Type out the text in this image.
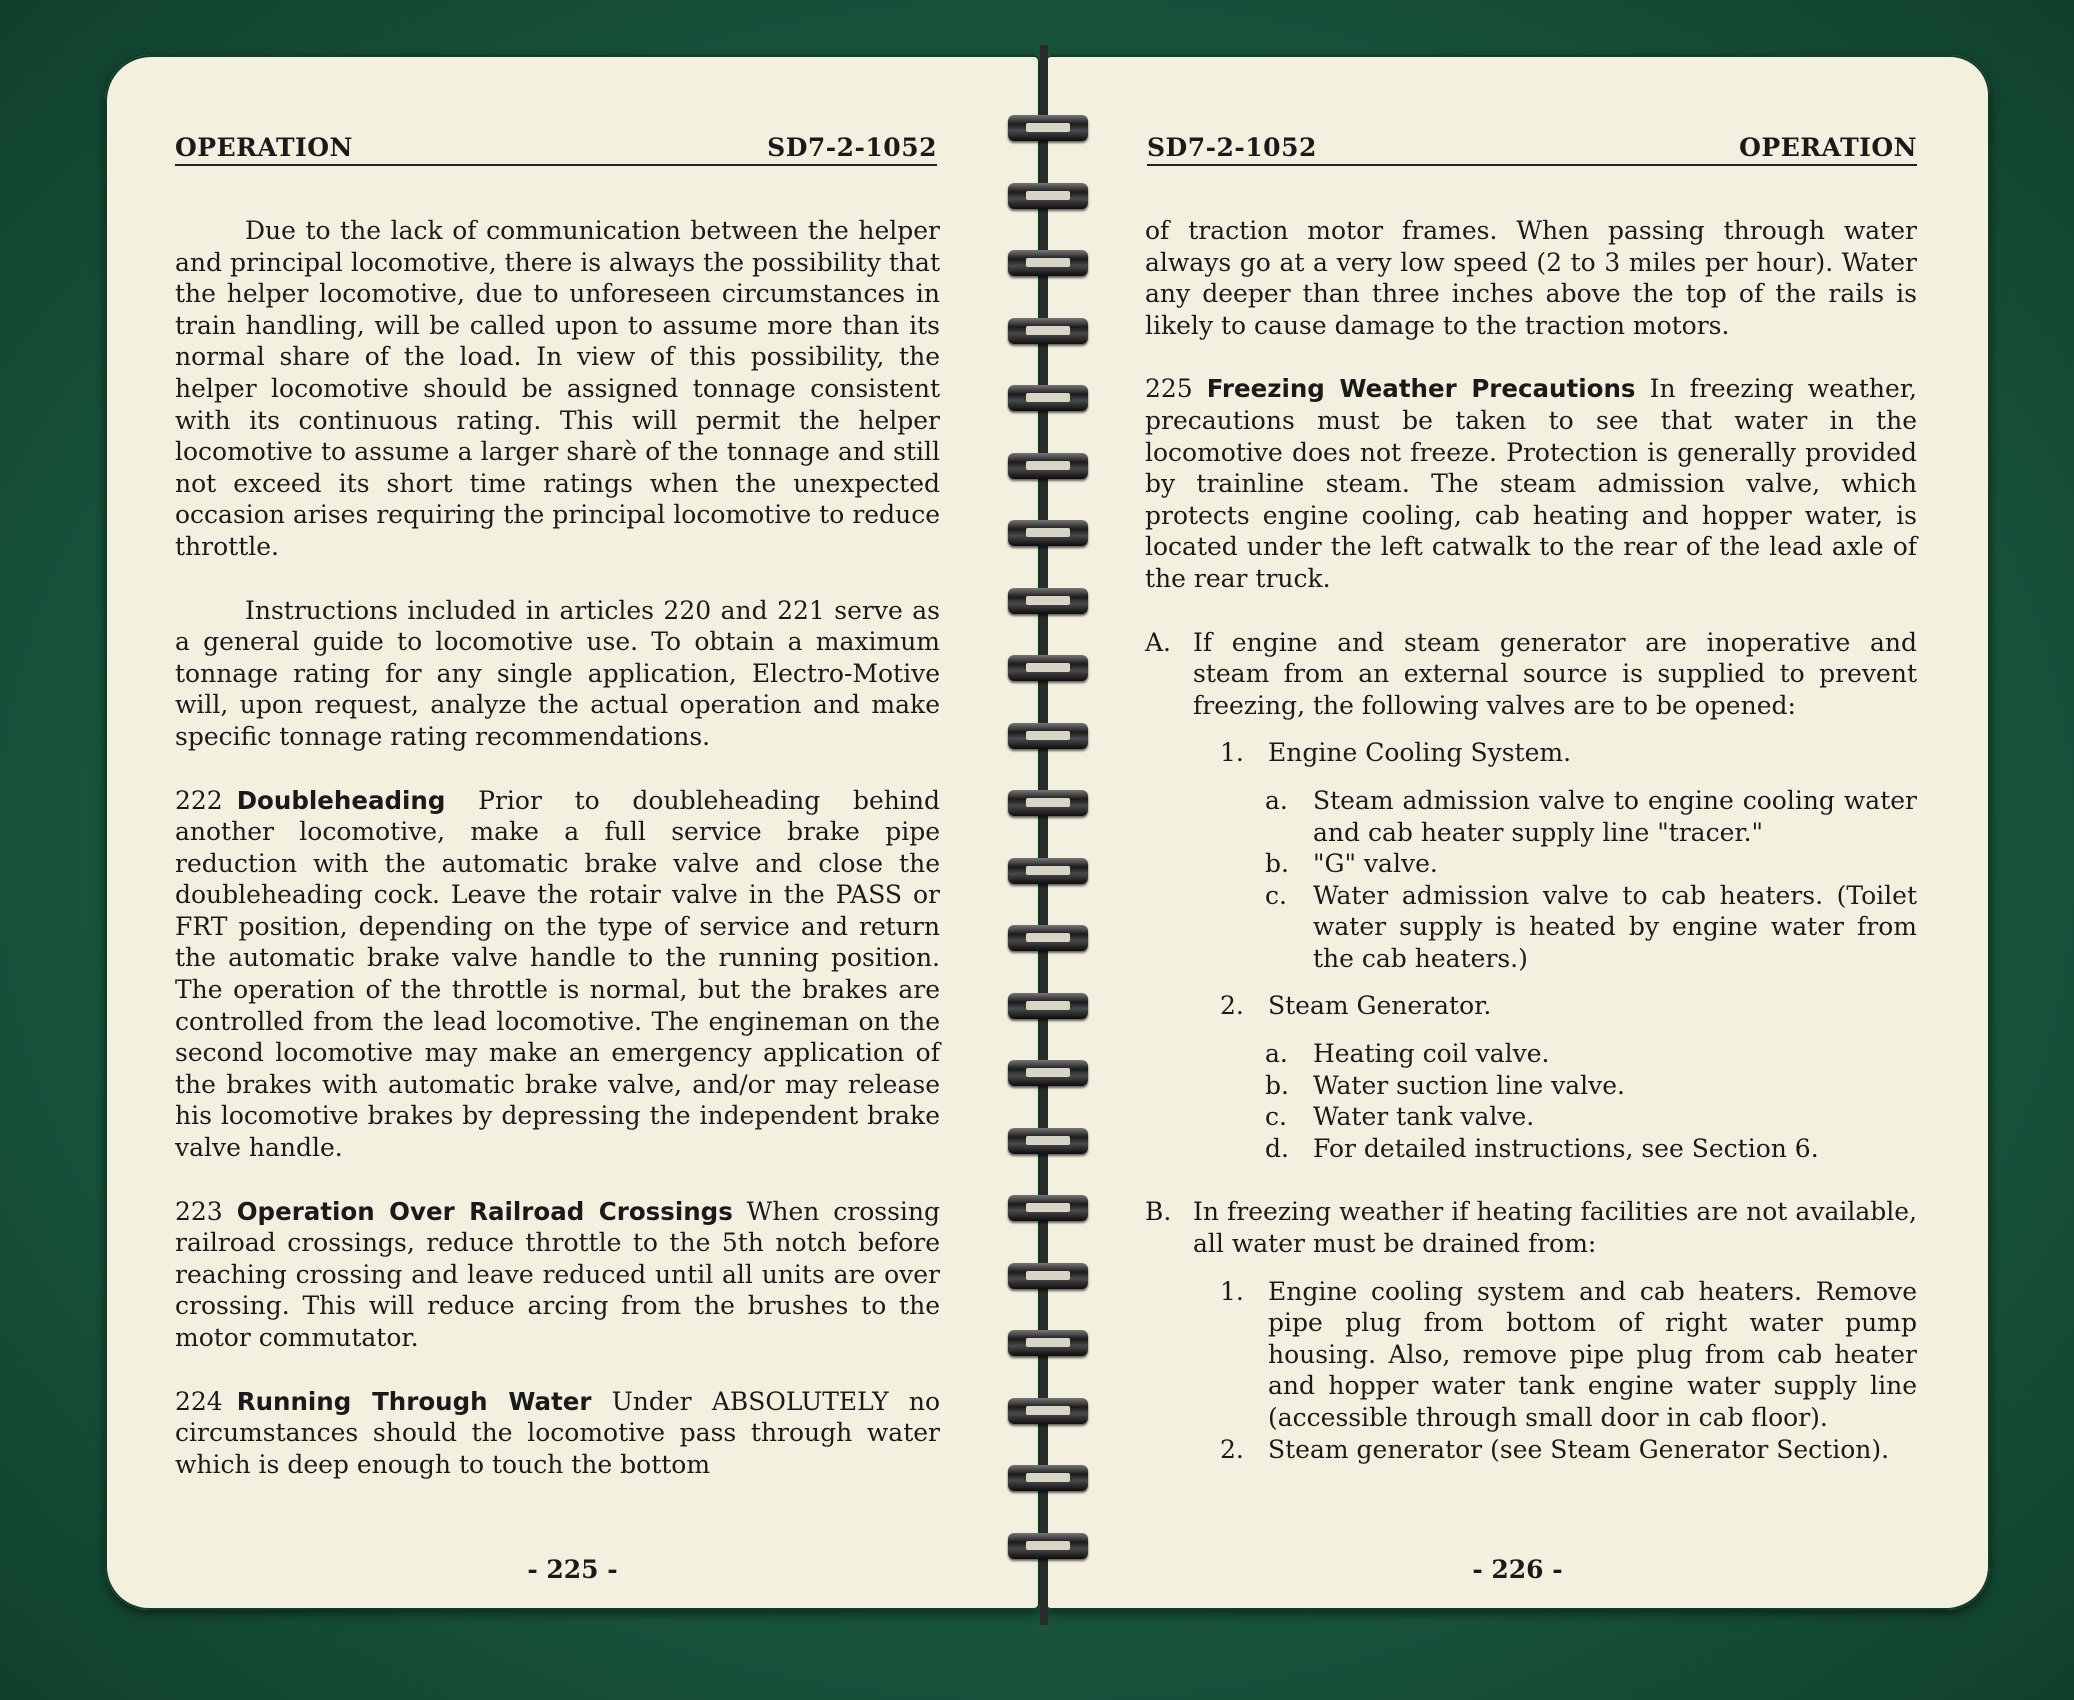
OPERATION	SD7-2-1052

Due to the lack of communication between the helper and principal locomotive, there is always the possibility that the helper locomotive, due to unforeseen circumstances in train handling, will be called upon to assume more than its normal share of the load. In view of this possibility, the helper locomotive should be assigned tonnage consistent with its continuous rating. This will permit the helper locomotive to assume a larger sharè of the tonnage and still not exceed its short time ratings when the unexpected occasion arises requiring the principal locomotive to reduce throttle.

Instructions included in articles 220 and 221 serve as a general guide to locomotive use. To obtain a maximum tonnage rating for any single application, Electro-Motive will, upon request, analyze the actual operation and make specific tonnage rating recommendations.

222 Doubleheading Prior to doubleheading behind another locomotive, make a full service brake pipe reduction with the automatic brake valve and close the doubleheading cock. Leave the rotair valve in the PASS or FRT position, depending on the type of service and return the automatic brake valve handle to the running position. The operation of the throttle is normal, but the brakes are controlled from the lead locomotive. The engineman on the second locomotive may make an emergency application of the brakes with automatic brake valve, and/or may release his locomotive brakes by depressing the independent brake valve handle.

223 Operation Over Railroad Crossings When crossing railroad crossings, reduce throttle to the 5th notch before reaching crossing and leave reduced until all units are over crossing. This will reduce arcing from the brushes to the motor commutator.

224 Running Through Water Under ABSOLUTELY no circumstances should the locomotive pass through water which is deep enough to touch the bottom

- 225 -
SD7-2-1052	OPERATION

of traction motor frames. When passing through water always go at a very low speed (2 to 3 miles per hour). Water any deeper than three inches above the top of the rails is likely to cause damage to the traction motors.

225 Freezing Weather Precautions In freezing weather, precautions must be taken to see that water in the locomotive does not freeze. Protection is generally provided by trainline steam. The steam admission valve, which protects engine cooling, cab heating and hopper water, is located under the left catwalk to the rear of the lead axle of the rear truck.

A. If engine and steam generator are inoperative and steam from an external source is supplied to prevent freezing, the following valves are to be opened:
1. Engine Cooling System.
a.	Steam admission valve to engine cooling water and cab heater supply line "tracer."
b. "G" valve.
c.	Water admission valve to cab heaters. (Toilet water supply is heated by engine water from the cab heaters.)
2. Steam Generator.
a.	Heating coil valve.
b. Water suction line valve.
c.	Water tank valve.
d. For detailed instructions, see Section 6.
B. In freezing weather if heating facilities are not available, all water must be drained from:
1. Engine cooling system and cab heaters. Remove pipe plug from bottom of right water pump housing. Also, remove pipe plug from cab heater and hopper water tank engine water supply line (accessible through small door in cab floor).
2. Steam generator (see Steam Generator Section).
- 226 -
